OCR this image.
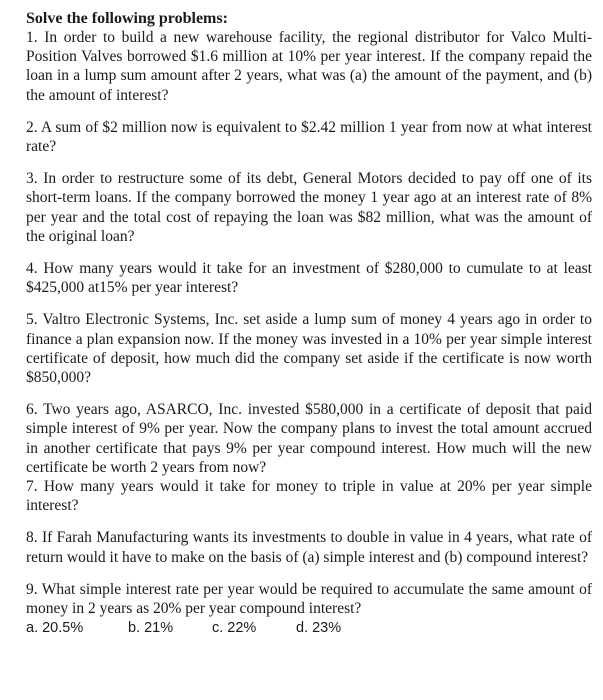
Solve the following problems:

1. In order to build a new warehouse facility, the regional distributor for Valco Multi-Position Valves borrowed $1.6 million at 10% per year interest. If the company repaid the loan in a lump sum amount after 2 years, what was (a) the amount of the payment, and (b) the amount of interest?

2. A sum of $2 million now is equivalent to $2.42 million 1 year from now at what interest rate?

3. In order to restructure some of its debt, General Motors decided to pay off one of its short-term loans. If the company borrowed the money 1 year ago at an interest rate of 8% per year and the total cost of repaying the loan was $82 million, what was the amount of the original loan?

4. How many years would it take for an investment of $280,000 to cumulate to at least $425,000 at15% per year interest?

5. Valtro Electronic Systems, Inc. set aside a lump sum of money 4 years ago in order to finance a plan expansion now. If the money was invested in a 10% per year simple interest certificate of deposit, how much did the company set aside if the certificate is now worth $850,000?

6. Two years ago, ASARCO, Inc. invested $580,000 in a certificate of deposit that paid simple interest of 9% per year. Now the company plans to invest the total amount accrued in another certificate that pays 9% per year compound interest. How much will the new certificate be worth 2 years from now?

7. How many years would it take for money to triple in value at 20% per year simple interest?

8. If Farah Manufacturing wants its investments to double in value in 4 years, what rate of return would it have to make on the basis of (a) simple interest and (b) compound interest?

9. What simple interest rate per year would be required to accumulate the same amount of money in 2 years as 20% per year compound interest?

a. 20.5%	b. 21%	c. 22%	d. 23%
